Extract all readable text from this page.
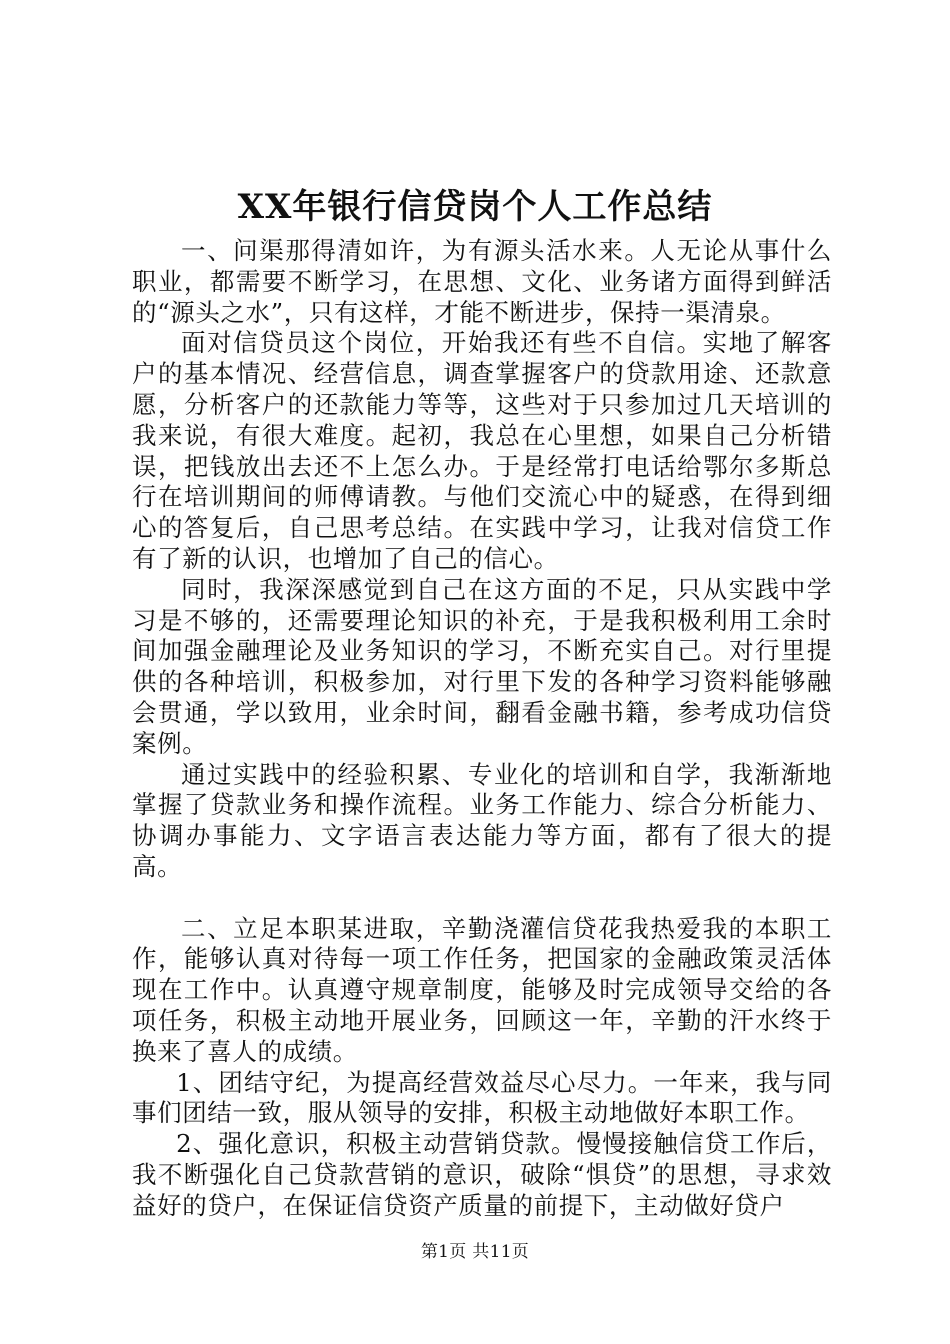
XX年银行信贷岗个人工作总结

一、问渠那得清如许，为有源头活水来。人无论从事什么职业，都需要不断学习，在思想、文化、业务诸方面得到鲜活的“源头之水”，只有这样，才能不断进步，保持一渠清泉。

面对信贷员这个岗位，开始我还有些不自信。实地了解客户的基本情况、经营信息，调查掌握客户的贷款用途、还款意愿，分析客户的还款能力等等，这些对于只参加过几天培训的我来说，有很大难度。起初，我总在心里想，如果自己分析错误，把钱放出去还不上怎么办。于是经常打电话给鄂尔多斯总行在培训期间的师傅请教。与他们交流心中的疑惑，在得到细心的答复后，自己思考总结。在实践中学习，让我对信贷工作有了新的认识，也增加了自己的信心。

同时，我深深感觉到自己在这方面的不足，只从实践中学习是不够的，还需要理论知识的补充，于是我积极利用工余时间加强金融理论及业务知识的学习，不断充实自己。对行里提供的各种培训，积极参加，对行里下发的各种学习资料能够融会贯通，学以致用，业余时间，翻看金融书籍，参考成功信贷案例。

通过实践中的经验积累、专业化的培训和自学，我渐渐地掌握了贷款业务和操作流程。业务工作能力、综合分析能力、协调办事能力、文字语言表达能力等方面，都有了很大的提高。

二、立足本职某进取，辛勤浇灌信贷花我热爱我的本职工作，能够认真对待每一项工作任务，把国家的金融政策灵活体现在工作中。认真遵守规章制度，能够及时完成领导交给的各项任务，积极主动地开展业务，回顾这一年，辛勤的汗水终于换来了喜人的成绩。

1、团结守纪，为提高经营效益尽心尽力。一年来，我与同事们团结一致，服从领导的安排，积极主动地做好本职工作。

2、强化意识，积极主动营销贷款。慢慢接触信贷工作后，我不断强化自己贷款营销的意识，破除“惧贷”的思想，寻求效益好的贷户，在保证信贷资产质量的前提下，主动做好贷户

第1页 共11页
